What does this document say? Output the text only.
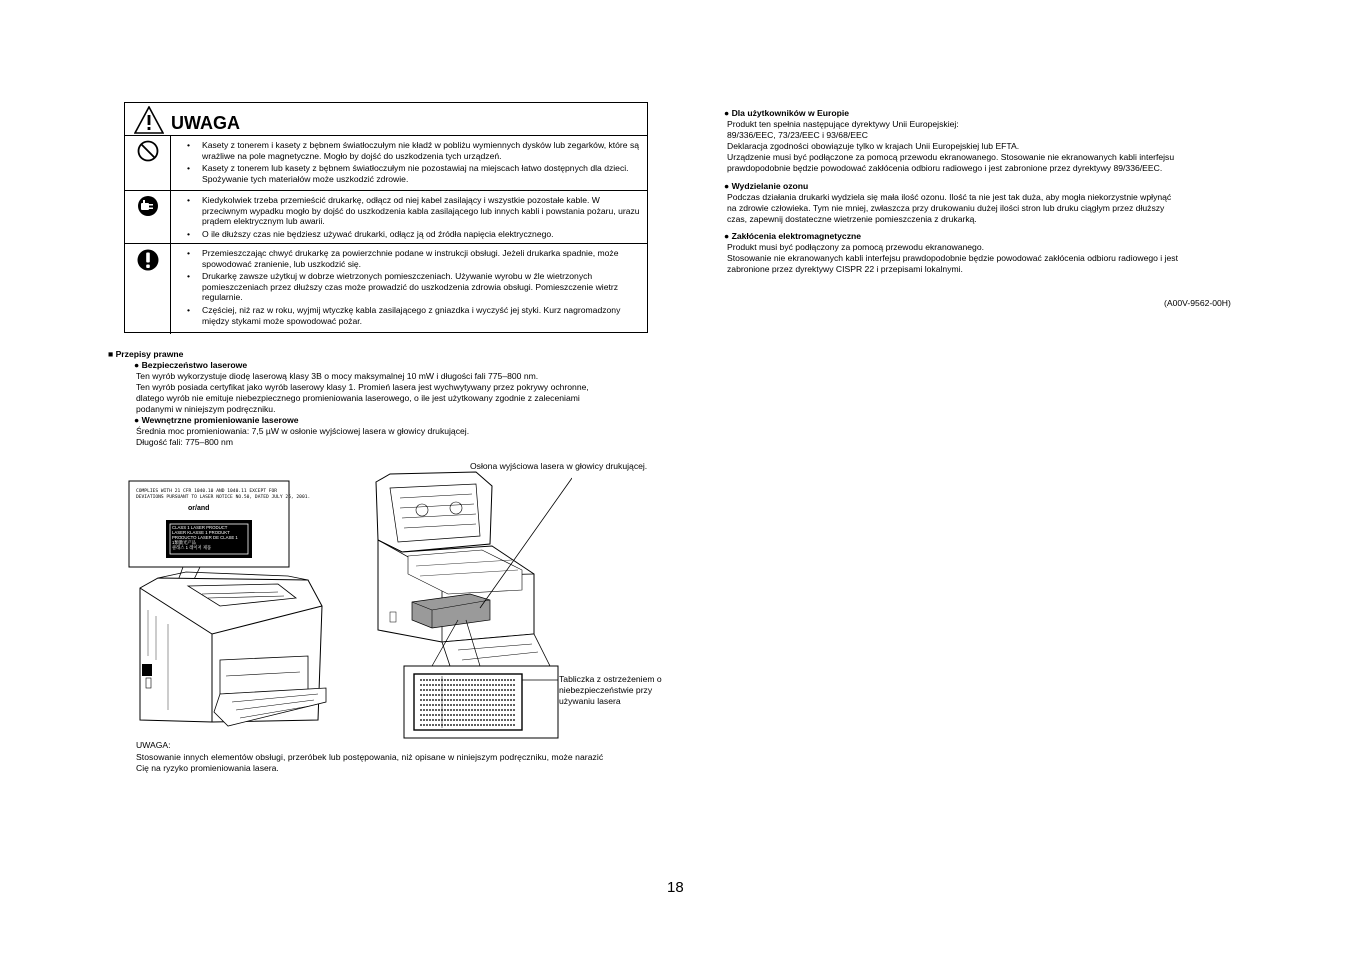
UWAGA
• Kasety z tonerem i kasety z bębnem światłoczułym nie kładź w pobliżu wymiennych dysków lub zegarków, które są wrażliwe na pole magnetyczne. Mogło by dojść do uszkodzenia tych urządzeń.
• Kasety z tonerem lub kasety z bębnem światłoczułym nie pozostawiaj na miejscach łatwo dostępnych dla dzieci. Spożywanie tych materiałów może uszkodzić zdrowie.
• Kiedykolwiek trzeba przemieścić drukarkę, odłącz od niej kabel zasilający i wszystkie pozostałe kable. W przeciwnym wypadku mogło by dojść do uszkodzenia kabla zasilającego lub innych kabli i powstania pożaru, urazu prądem elektrycznym lub awarii.
• O ile dłuższy czas nie będziesz używać drukarki, odłącz ją od źródła napięcia elektrycznego.
• Przemieszczając chwyć drukarkę za powierzchnie podane w instrukcji obsługi. Jeżeli drukarka spadnie, może spowodować zranienie, lub uszkodzić się.
• Drukarkę zawsze użytkuj w dobrze wietrzonych pomieszczeniach. Używanie wyrobu w źle wietrzonych pomieszczeniach przez dłuższy czas może prowadzić do uszkodzenia zdrowia obsługi. Pomieszczenie wietrz regularnie.
• Częściej, niż raz w roku, wyjmij wtyczkę kabla zasilającego z gniazdka i wyczyść jej styki. Kurz nagromadzony między stykami może spowodować pożar.
■ Przepisy prawne
● Bezpieczeństwo laserowe
Ten wyrób wykorzystuje diodę laserową klasy 3B o mocy maksymalnej 10 mW i długości fali 775–800 nm.
Ten wyrób posiada certyfikat jako wyrób laserowy klasy 1. Promień lasera jest wychwytywany przez pokrywy ochronne,
dlatego wyrób nie emituje niebezpiecznego promieniowania laserowego, o ile jest użytkowany zgodnie z zaleceniami
podanymi w niniejszym podręczniku.
● Wewnętrzne promieniowanie laserowe
Średnia moc promieniowania: 7,5 µW w osłonie wyjściowej lasera w głowicy drukującej.
Długość fali: 775–800 nm
COMPLIES WITH 21 CFR 1040.10 AND 1040.11 EXCEPT FOR
DEVIATIONS PURSUANT TO LASER NOTICE NO.50, DATED JULY 26, 2001.
or/and
CLASS 1 LASER PRODUCT
LASER KLASSE 1 PRODUKT
PRODUCTO LASER DE CLASE 1
1類激光产品
클래스 1 레이저 제품
Osłona wyjściowa lasera w głowicy drukującej.
Tabliczka z ostrzeżeniem o niebezpieczeństwie przy używaniu lasera
UWAGA:
Stosowanie innych elementów obsługi, przeróbek lub postępowania, niż opisane w niniejszym podręczniku, może narazić
Cię na ryzyko promieniowania lasera.
● Dla użytkowników w Europie
Produkt ten spełnia następujące dyrektywy Unii Europejskiej:
89/336/EEC, 73/23/EEC i 93/68/EEC
Deklaracja zgodności obowiązuje tylko w krajach Unii Europejskiej lub EFTA.
Urządzenie musi być podłączone za pomocą przewodu ekranowanego. Stosowanie nie ekranowanych kabli interfejsu
prawdopodobnie będzie powodować zakłócenia odbioru radiowego i jest zabronione przez dyrektywy 89/336/EEC.
● Wydzielanie ozonu
Podczas działania drukarki wydziela się mała ilość ozonu. Ilość ta nie jest tak duża, aby mogła niekorzystnie wpłynąć
na zdrowie człowieka. Tym nie mniej, zwłaszcza przy drukowaniu dużej ilości stron lub druku ciągłym przez dłuższy
czas, zapewnij dostateczne wietrzenie pomieszczenia z drukarką.
● Zakłócenia elektromagnetyczne
Produkt musi być podłączony za pomocą przewodu ekranowanego.
Stosowanie nie ekranowanych kabli interfejsu prawdopodobnie będzie powodować zakłócenia odbioru radiowego i jest
zabronione przez dyrektywy CISPR 22 i przepisami lokalnymi.
(A00V-9562-00H)
18
